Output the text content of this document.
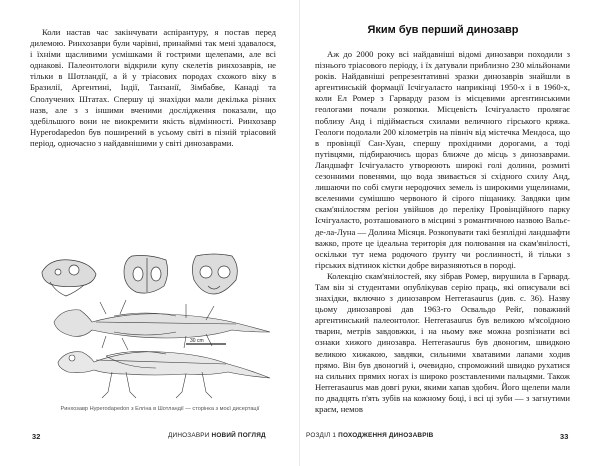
Коли настав час закінчувати аспірантуру, я постав перед дилемою. Ринхозаври були чарівні, принаймні так мені здавалося, і їхніми щасливими усмішками й гострими щелепами, але всі однакові. Палеонтологи відкрили купу скелетів ринхозаврів, не тільки в Шотландії, а й у тріасових породах схожого віку в Бразилії, Аргентині, Індії, Танзанії, Зімбабве, Канаді та Сполучених Штатах. Спершу ці знахідки мали декілька різних назв, але з з іншими вченими дослідження показали, що здебільшого вони не виокремити якість відмінності. Ринхозавр Hyperodapedon був поширений в усьому світі в пізній тріасовий період, одночасно з найдавнішими у світі динозаврами.

30 cm
Ринхозавр Hyperodapedon з Елгіна в Шотландії — сторінка з моєї дисертації
32	ДИНОЗАВРИ НОВИЙ ПОГЛЯД
Яким був перший динозавр

Аж до 2000 року всі найдавніші відомі динозаври походили з пізнього тріасового періоду, і їх датували приблизно 230 мільйонами років. Найдавніші репрезентативні зразки динозаврів знайшли в аргентинській формації Ісчігуаласто наприкінці 1950-х і в 1960-х, коли Ел Ромер з Гарварду разом із місцевими аргентинськими геологами почали розкопки. Місцевість Ісчігуаласто пролягає поблизу Анд і підіймається схилами величного гірського кряжа. Геологи подолали 200 кілометрів на північ від містечка Мендоса, що в провінції Сан-Хуан, спершу прохідними дорогами, а тоді путівцями, підбираючись щораз ближче до місць з динозаврами. Ландшафт Ісчігуаласто утворюють широкі голі долини, розмиті сезонними повенями, що вода звивається зі східного схилу Анд, лишаючи по собі смуги неродючих земель із широкими ущелинами, вселеними сумішшю червоного й сірого піщанику. Завдяки цим скам'янілостям регіон увійшов до переліку Провінційного парку Ісчігуаласто, розташованого в місцині з романтичною назвою Вальє-де-ла-Луна — Долина Місяця. Розкопувати такі безплідні ландшафти важко, проте це ідеальна територія для полювання на скам'янілості, оскільки тут нема родючого ґрунту чи рослинності, й тільки з гірських відтинок кістки добре виразняються в породі.

Колекцію скам'янілостей, яку зібрав Ромер, вирушила в Гарвард. Там він зі студентами опублікував серію праць, які описували всі знахідки, включно з динозавром Herrerasaurus (див. с. 36). Назву цьому динозаврові дав 1963-го Освальдо Рейґ, поважний аргентинський палеонтолог. Herrerasaurus був великою м'ясоїдною тварин, метрів завдовжки, і на ньому вже можна розпізнати всі ознаки хижого динозавра. Herrerasaurus був двоногим, швидкою великою хижакою, завдяки, сильними хватавими лапами ходив прямо. Він був двоногий і, очевидно, спроможний швидко рухатися на сильних прямих ногах із широко розставленими пальцями. Також Herrerasaurus мав довгі руки, якими хапав здобич. Його щелепи мали по двадцять п'ять зубів на кожному боці, і всі ці зуби — з загнутими краєм, немов

РОЗДІЛ 1 ПОХОДЖЕННЯ ДИНОЗАВРІВ	33
